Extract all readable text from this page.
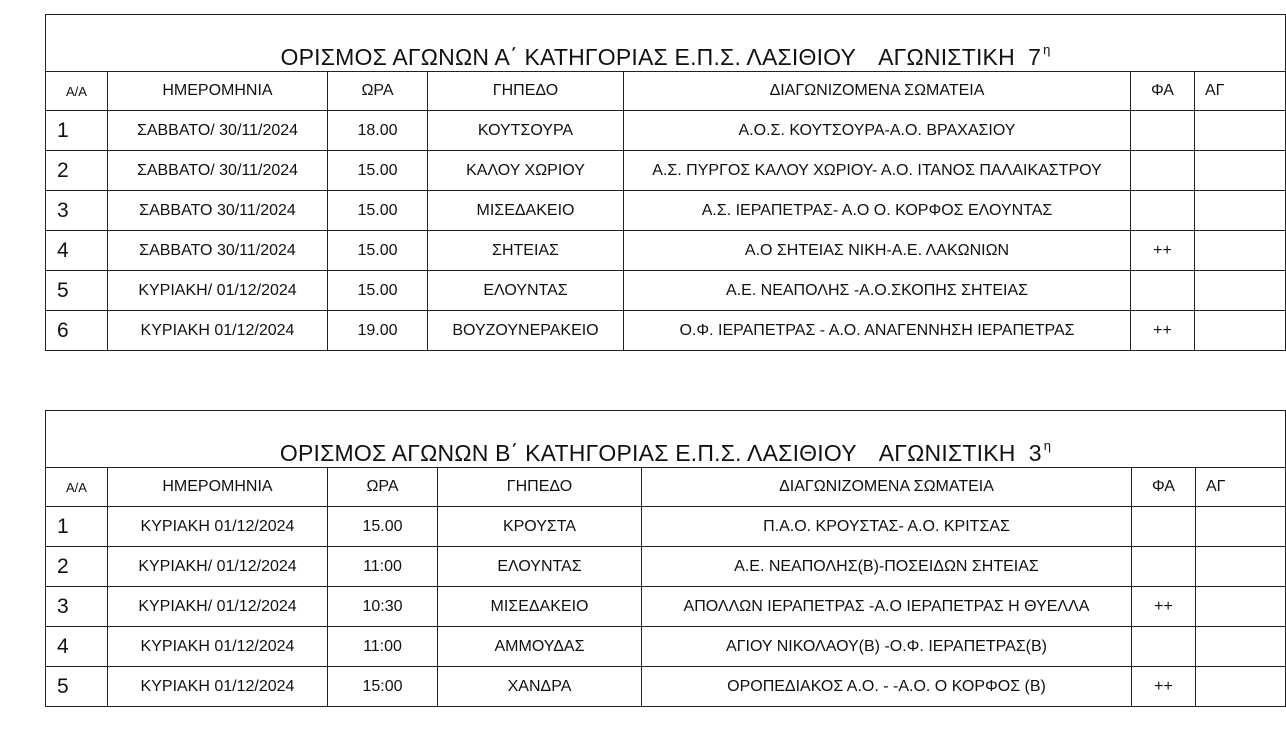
ΟΡΙΣΜΟΣ ΑΓΩΝΩΝ Α΄ ΚΑΤΗΓΟΡΙΑΣ Ε.Π.Σ. ΛΑΣΙΘΙΟΥ ΑΓΩΝΙΣΤΙΚΗ 7 $^\eta$
Α/Α	ΗΜΕΡΟΜΗΝΙΑ	ΩΡΑ	ΓΗΠΕΔΟ	ΔΙΑΓΩΝΙΖΟΜΕΝΑ ΣΩΜΑΤΕΙΑ	ΦΑ	ΑΓ
1	ΣΑΒΒΑΤΟ/ 30/11/2024	18.00	ΚΟΥΤΣΟΥΡΑ	Α.Ο.Σ. ΚΟΥΤΣΟΥΡΑ-Α.Ο. ΒΡΑΧΑΣΙΟΥ		
2	ΣΑΒΒΑΤΟ/ 30/11/2024	15.00	ΚΑΛΟΥ ΧΩΡΙΟΥ	Α.Σ. ΠΥΡΓΟΣ ΚΑΛΟΥ ΧΩΡΙΟΥ- Α.Ο. ΙΤΑΝΟΣ ΠΑΛΑΙΚΑΣΤΡΟΥ		
3	ΣΑΒΒΑΤΟ 30/11/2024	15.00	ΜΙΣΕΔΑΚΕΙΟ	Α.Σ. ΙΕΡΑΠΕΤΡΑΣ- Α.Ο Ο. ΚΟΡΦΟΣ ΕΛΟΥΝΤΑΣ		
4	ΣΑΒΒΑΤΟ 30/11/2024	15.00	ΣΗΤΕΙΑΣ	Α.Ο ΣΗΤΕΙΑΣ ΝΙΚΗ-Α.Ε. ΛΑΚΩΝΙΩΝ	++	
5	ΚΥΡΙΑΚΗ/ 01/12/2024	15.00	ΕΛΟΥΝΤΑΣ	Α.Ε. ΝΕΑΠΟΛΗΣ -Α.Ο.ΣΚΟΠΗΣ ΣΗΤΕΙΑΣ		
6	ΚΥΡΙΑΚΗ 01/12/2024	19.00	ΒΟΥΖΟΥΝΕΡΑΚΕΙΟ	Ο.Φ. ΙΕΡΑΠΕΤΡΑΣ - Α.Ο. ΑΝΑΓΕΝΝΗΣΗ ΙΕΡΑΠΕΤΡΑΣ	++	
ΟΡΙΣΜΟΣ ΑΓΩΝΩΝ Β΄ ΚΑΤΗΓΟΡΙΑΣ Ε.Π.Σ. ΛΑΣΙΘΙΟΥ ΑΓΩΝΙΣΤΙΚΗ 3 $^\eta$
Α/Α	ΗΜΕΡΟΜΗΝΙΑ	ΩΡΑ	ΓΗΠΕΔΟ	ΔΙΑΓΩΝΙΖΟΜΕΝΑ ΣΩΜΑΤΕΙΑ	ΦΑ	ΑΓ
1	ΚΥΡΙΑΚΗ 01/12/2024	15.00	ΚΡΟΥΣΤΑ	Π.Α.Ο. ΚΡΟΥΣΤΑΣ- Α.Ο. ΚΡΙΤΣΑΣ		
2	ΚΥΡΙΑΚΗ/ 01/12/2024	11:00	ΕΛΟΥΝΤΑΣ	Α.Ε. ΝΕΑΠΟΛΗΣ(Β)-ΠΟΣΕΙΔΩΝ ΣΗΤΕΙΑΣ		
3	ΚΥΡΙΑΚΗ/ 01/12/2024	10:30	ΜΙΣΕΔΑΚΕΙΟ	ΑΠΟΛΛΩΝ ΙΕΡΑΠΕΤΡΑΣ -Α.Ο ΙΕΡΑΠΕΤΡΑΣ Η ΘΥΕΛΛΑ	++	
4	ΚΥΡΙΑΚΗ 01/12/2024	11:00	ΑΜΜΟΥΔΑΣ	ΑΓΙΟΥ ΝΙΚΟΛΑΟΥ(Β) -Ο.Φ. ΙΕΡΑΠΕΤΡΑΣ(Β)		
5	ΚΥΡΙΑΚΗ 01/12/2024	15:00	ΧΑΝΔΡΑ	ΟΡΟΠΕΔΙΑΚΟΣ Α.Ο. - -Α.Ο. Ο ΚΟΡΦΟΣ (Β)	++	
